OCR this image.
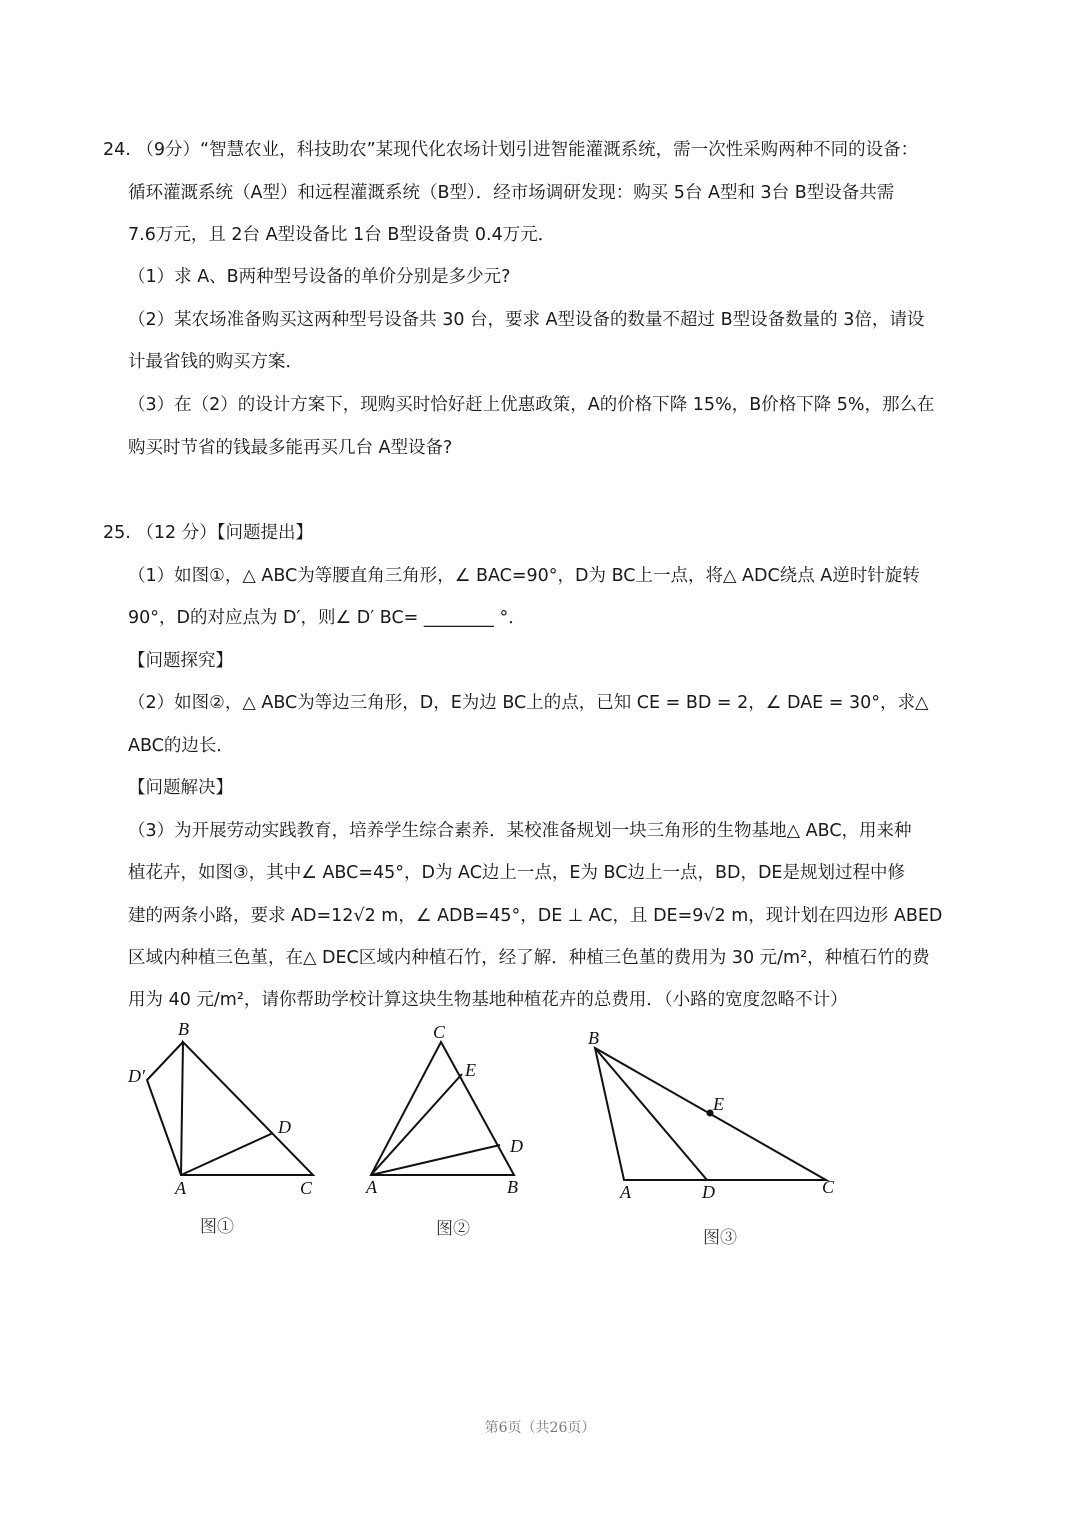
24. （9分）“智慧农业，科技助农”某现代化农场计划引进智能灌溉系统，需一次性采购两种不同的设备：
循环灌溉系统（A型）和远程灌溉系统（B型）．经市场调研发现：购买 5台 A型和 3台 B型设备共需
7.6万元，且 2台 A型设备比 1台 B型设备贵 0.4万元．
（1）求 A、B两种型号设备的单价分别是多少元?
（2）某农场准备购买这两种型号设备共 30 台，要求 A型设备的数量不超过 B型设备数量的 3倍，请设
计最省钱的购买方案．
（3）在（2）的设计方案下，现购买时恰好赶上优惠政策，A的价格下降 15%，B价格下降 5%，那么在
购买时节省的钱最多能再买几台 A型设备?
25. （12 分）【问题提出】
（1）如图①，△ ABC为等腰直角三角形，∠ BAC=90°，D为 BC上一点，将△ ADC绕点 A逆时针旋转
90°，D的对应点为 D′，则∠ D′ BC= ________ °．
【问题探究】
（2）如图②，△ ABC为等边三角形，D，E为边 BC上的点，已知 CE = BD = 2，∠ DAE = 30°，求△
ABC的边长．
【问题解决】
（3）为开展劳动实践教育，培养学生综合素养．某校准备规划一块三角形的生物基地△ ABC，用来种
植花卉，如图③，其中∠ ABC=45°，D为 AC边上一点，E为 BC边上一点，BD，DE是规划过程中修
建的两条小路，要求 AD=12√2 m，∠ ADB=45°，DE ⊥ AC，且 DE=9√2 m，现计划在四边形 ABED
区域内种植三色堇，在△ DEC区域内种植石竹，经了解．种植三色堇的费用为 30 元/m²，种植石竹的费
用为 40 元/m²，请你帮助学校计算这块生物基地种植花卉的总费用．（小路的宽度忽略不计）
B
D′
D
A	C
图①
C
E
D
A	B
图②
B
E
A	D	C
图③
第6页（共26页）
